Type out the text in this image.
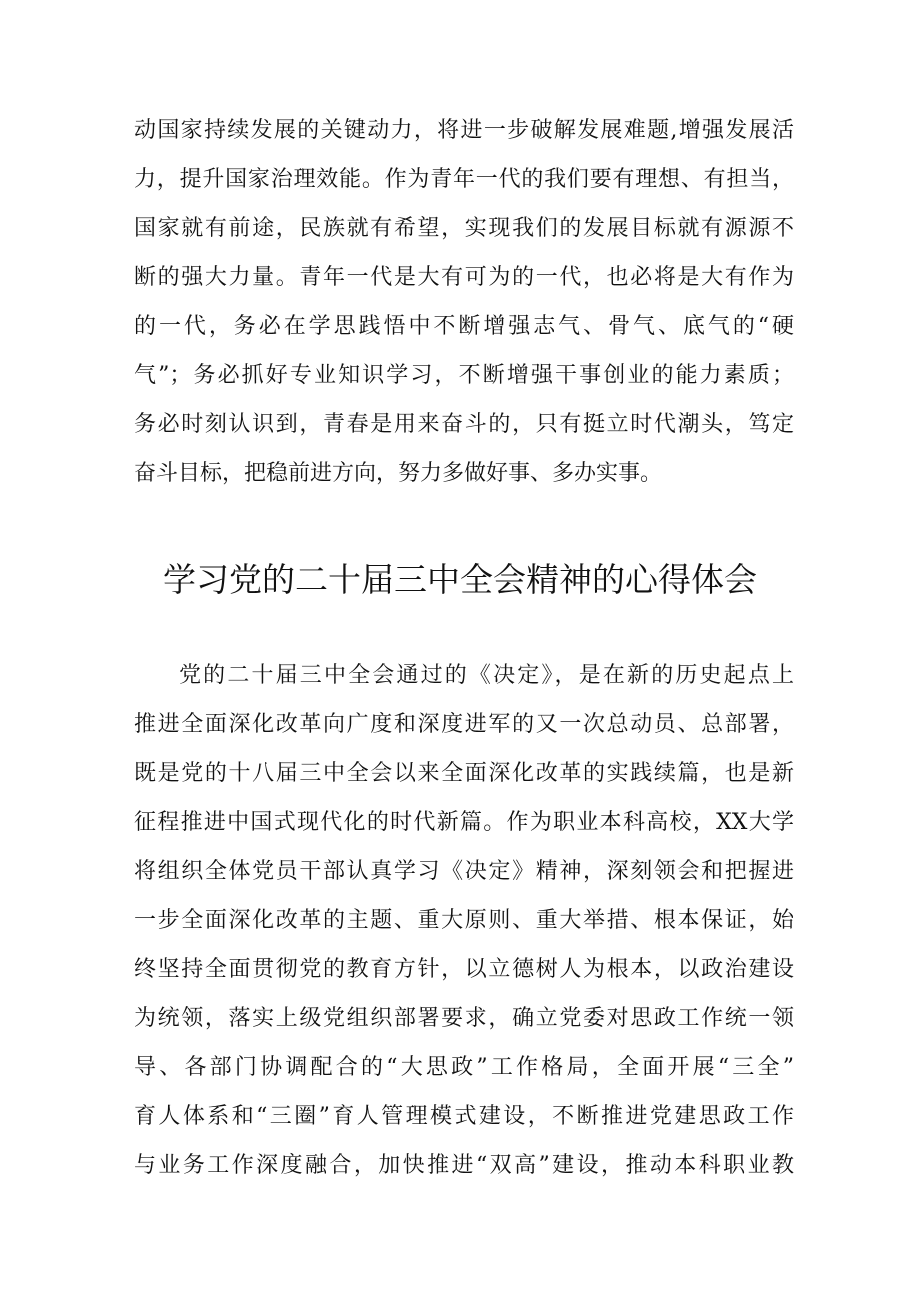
动国家持续发展的关键动力，将进一步破解发展难题,增强发展活
力，提升国家治理效能。作为青年一代的我们要有理想、有担当，
国家就有前途，民族就有希望，实现我们的发展目标就有源源不
断的强大力量。青年一代是大有可为的一代，也必将是大有作为
的一代，务必在学思践悟中不断增强志气、骨气、底气的“硬
气”；务必抓好专业知识学习，不断增强干事创业的能力素质；
务必时刻认识到，青春是用来奋斗的，只有挺立时代潮头，笃定
奋斗目标，把稳前进方向，努力多做好事、多办实事。
学习党的二十届三中全会精神的心得体会
党的二十届三中全会通过的《决定》，是在新的历史起点上
推进全面深化改革向广度和深度进军的又一次总动员、总部署，
既是党的十八届三中全会以来全面深化改革的实践续篇，也是新
征程推进中国式现代化的时代新篇。作为职业本科高校，XX大学
将组织全体党员干部认真学习《决定》精神，深刻领会和把握进
一步全面深化改革的主题、重大原则、重大举措、根本保证，始
终坚持全面贯彻党的教育方针，以立德树人为根本，以政治建设
为统领，落实上级党组织部署要求，确立党委对思政工作统一领
导、各部门协调配合的“大思政”工作格局，全面开展“三全”
育人体系和“三圈”育人管理模式建设，不断推进党建思政工作
与业务工作深度融合，加快推进“双高”建设，推动本科职业教
